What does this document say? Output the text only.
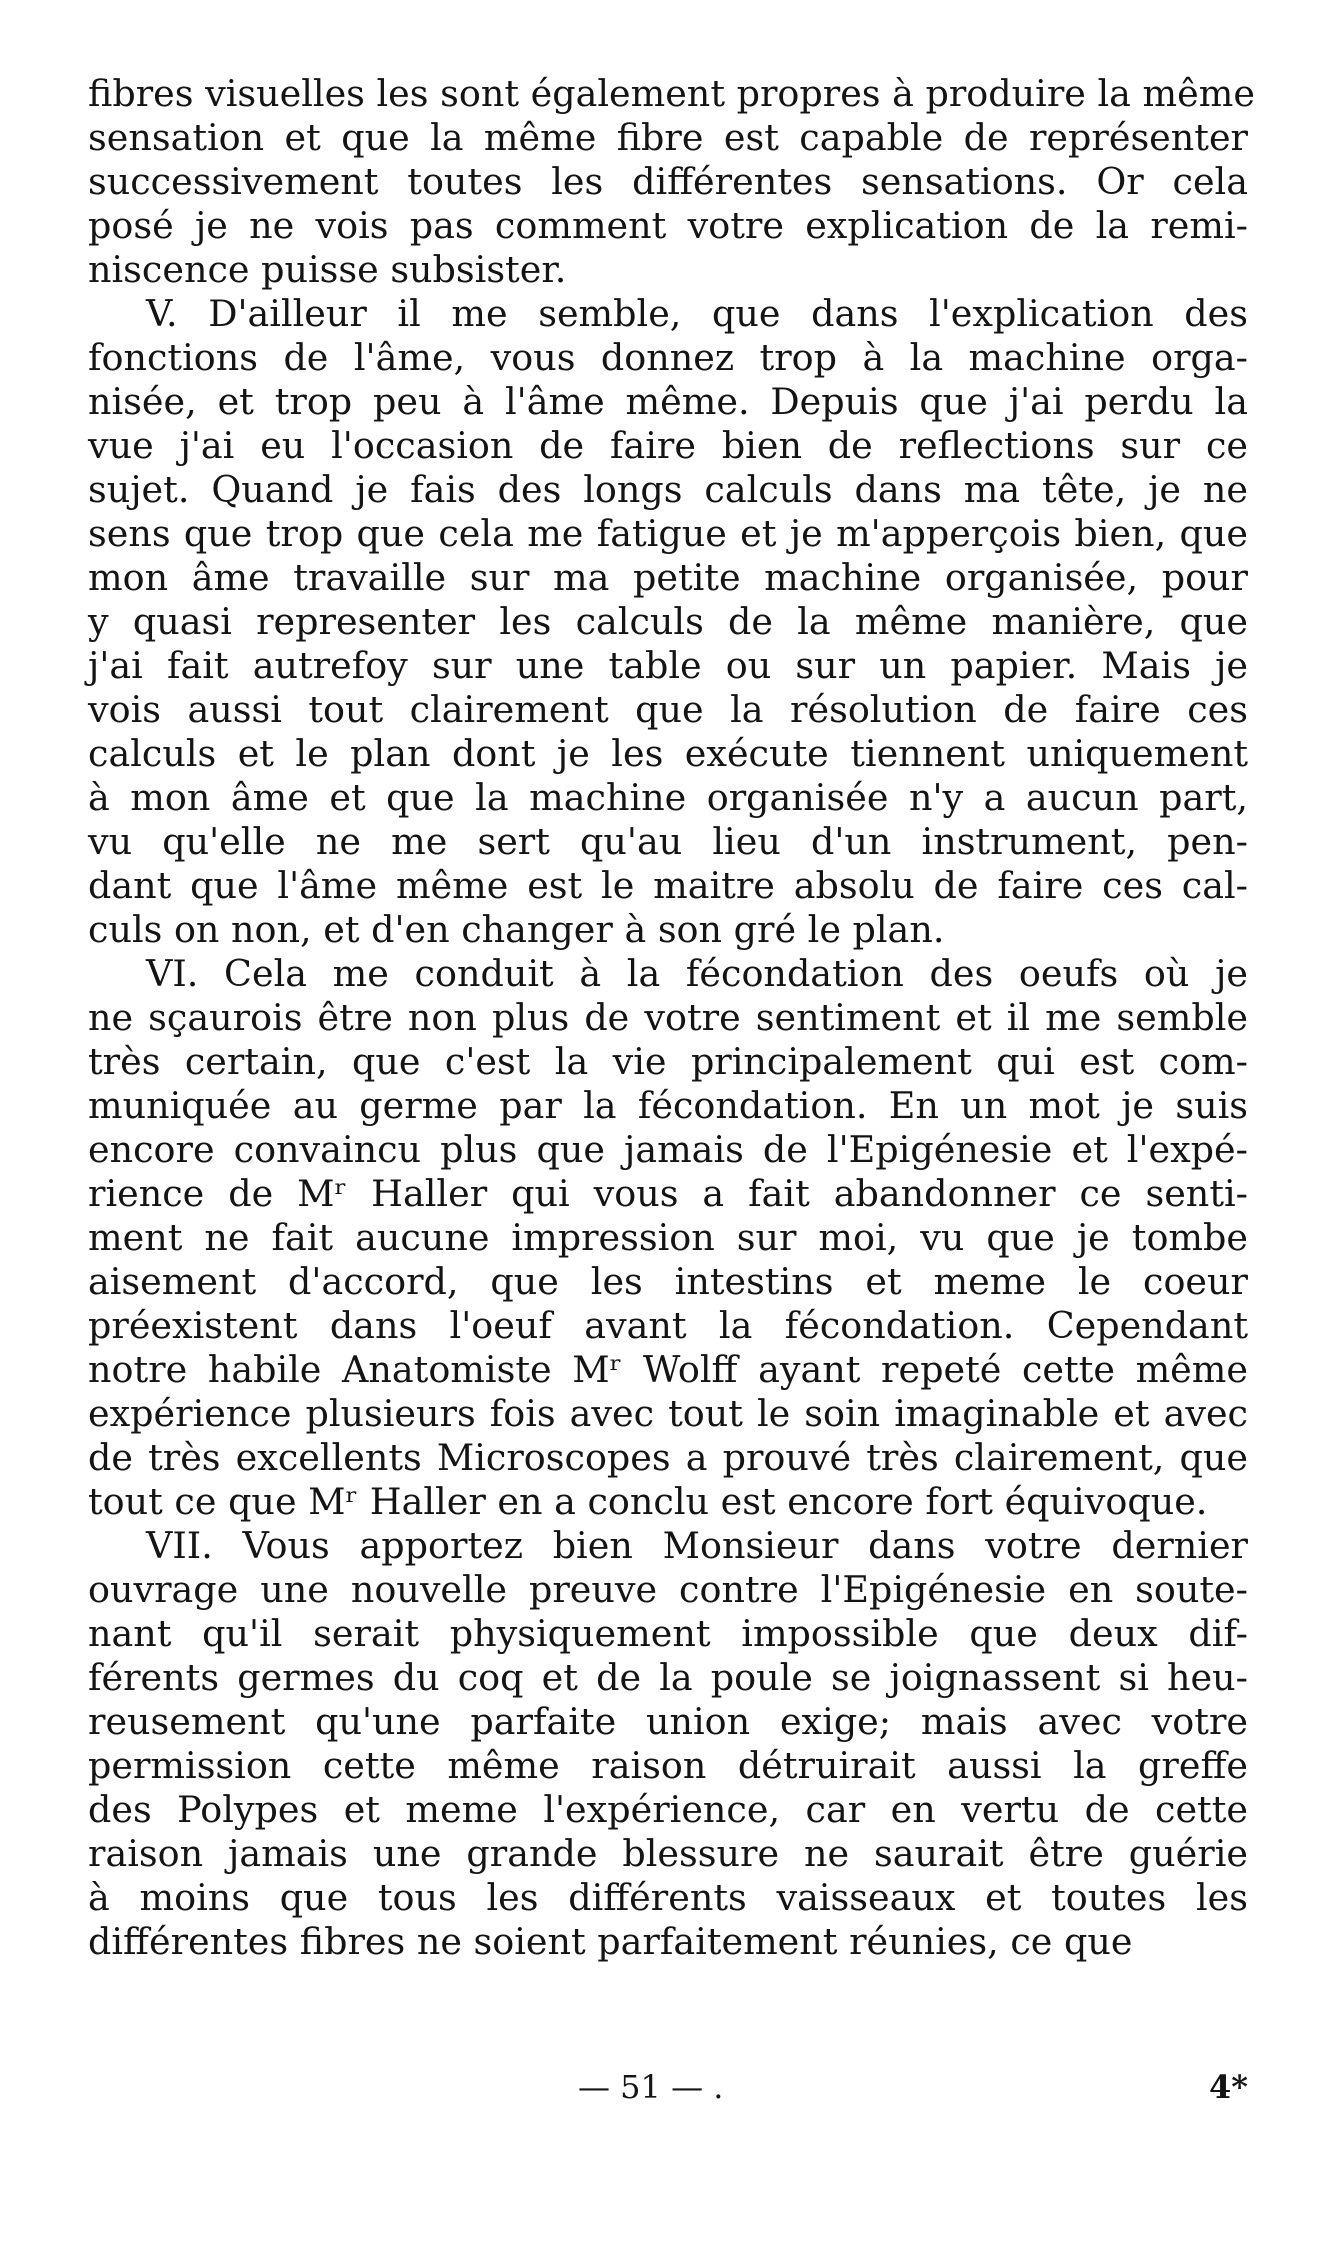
fibres visuelles les sont également propres à produire la même
sensation et que la même fibre est capable de représenter
successivement toutes les différentes sensations. Or cela
posé je ne vois pas comment votre explication de la remi-
niscence puisse subsister.
V. D'ailleur il me semble, que dans l'explication des
fonctions de l'âme, vous donnez trop à la machine orga-
nisée, et trop peu à l'âme même. Depuis que j'ai perdu la
vue j'ai eu l'occasion de faire bien de reflections sur ce
sujet. Quand je fais des longs calculs dans ma tête, je ne
sens que trop que cela me fatigue et je m'apperçois bien, que
mon âme travaille sur ma petite machine organisée, pour
y quasi representer les calculs de la même manière, que
j'ai fait autrefoy sur une table ou sur un papier. Mais je
vois aussi tout clairement que la résolution de faire ces
calculs et le plan dont je les exécute tiennent uniquement
à mon âme et que la machine organisée n'y a aucun part,
vu qu'elle ne me sert qu'au lieu d'un instrument, pen-
dant que l'âme même est le maitre absolu de faire ces cal-
culs on non, et d'en changer à son gré le plan.
VI. Cela me conduit à la fécondation des oeufs où je
ne sçaurois être non plus de votre sentiment et il me semble
très certain, que c'est la vie principalement qui est com-
muniquée au germe par la fécondation. En un mot je suis
encore convaincu plus que jamais de l'Epigénesie et l'expé-
rience de Mʳ Haller qui vous a fait abandonner ce senti-
ment ne fait aucune impression sur moi, vu que je tombe
aisement d'accord, que les intestins et meme le coeur
préexistent dans l'oeuf avant la fécondation. Cependant
notre habile Anatomiste Mʳ Wolff ayant repeté cette même
expérience plusieurs fois avec tout le soin imaginable et avec
de très excellents Microscopes a prouvé très clairement, que
tout ce que Mʳ Haller en a conclu est encore fort équivoque.
VII. Vous apportez bien Monsieur dans votre dernier
ouvrage une nouvelle preuve contre l'Epigénesie en soute-
nant qu'il serait physiquement impossible que deux dif-
férents germes du coq et de la poule se joignassent si heu-
reusement qu'une parfaite union exige; mais avec votre
permission cette même raison détruirait aussi la greffe
des Polypes et meme l'expérience, car en vertu de cette
raison jamais une grande blessure ne saurait être guérie
à moins que tous les différents vaisseaux et toutes les
différentes fibres ne soient parfaitement réunies, ce que
— 51 — .	4*
